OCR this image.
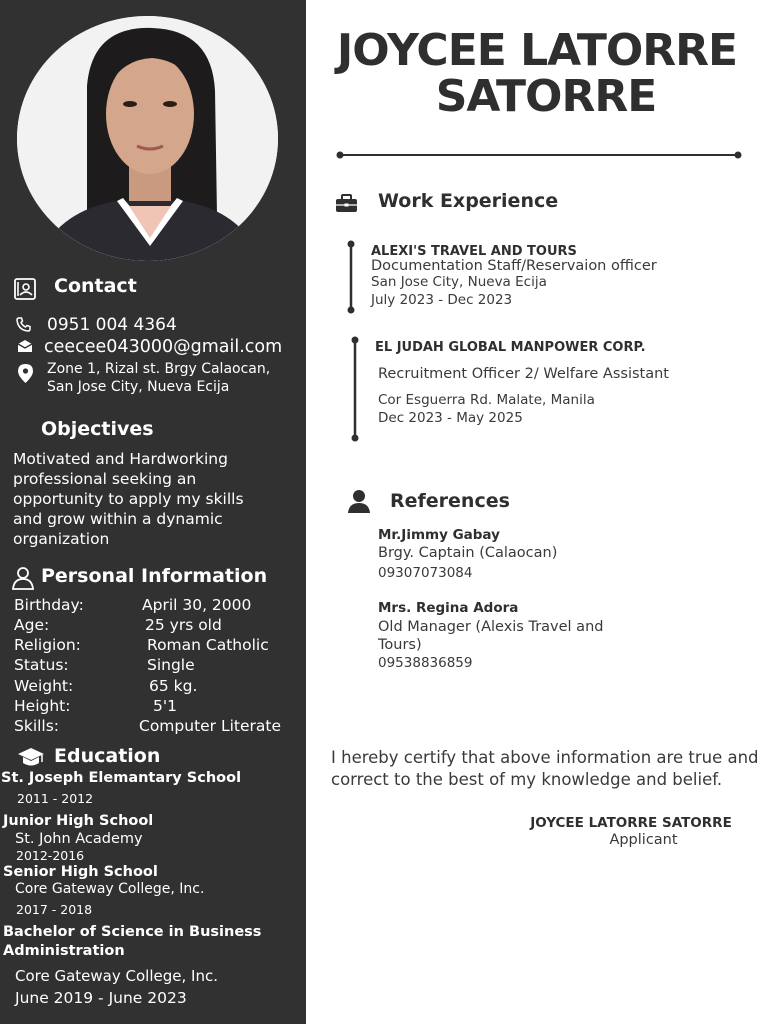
Contact
0951 004 4364
ceecee043000@gmail.com
Zone 1, Rizal st. Brgy Calaocan,
San Jose City, Nueva Ecija
Objectives
Motivated and Hardworking
professional seeking an
opportunity to apply my skills
and grow within a dynamic
organization
Personal Information
Birthday:	April 30, 2000
Age:	25 yrs old
Religion:	Roman Catholic
Status:	Single
Weight:	65 kg.
Height:	5'1
Skills:	Computer Literate
Education
St. Joseph Elemantary School
2011 - 2012
Junior High School
St. John Academy
2012-2016
Senior High School
Core Gateway College, Inc.
2017 - 2018
Bachelor of Science in Business
Administration
Core Gateway College, Inc.
June 2019 - June 2023
JOYCEE LATORRE
SATORRE
Work Experience
ALEXI'S TRAVEL AND TOURS
Documentation Staff/Reservaion officer
San Jose City, Nueva Ecija
July 2023 - Dec 2023
EL JUDAH GLOBAL MANPOWER CORP.
Recruitment Officer 2/ Welfare Assistant
Cor Esguerra Rd. Malate, Manila
Dec 2023 - May 2025
References
Mr.Jimmy Gabay
Brgy. Captain (Calaocan)
09307073084
Mrs. Regina Adora
Old Manager (Alexis Travel and
Tours)
09538836859
I hereby certify that above information are true and
correct to the best of my knowledge and belief.
JOYCEE LATORRE SATORRE
Applicant
